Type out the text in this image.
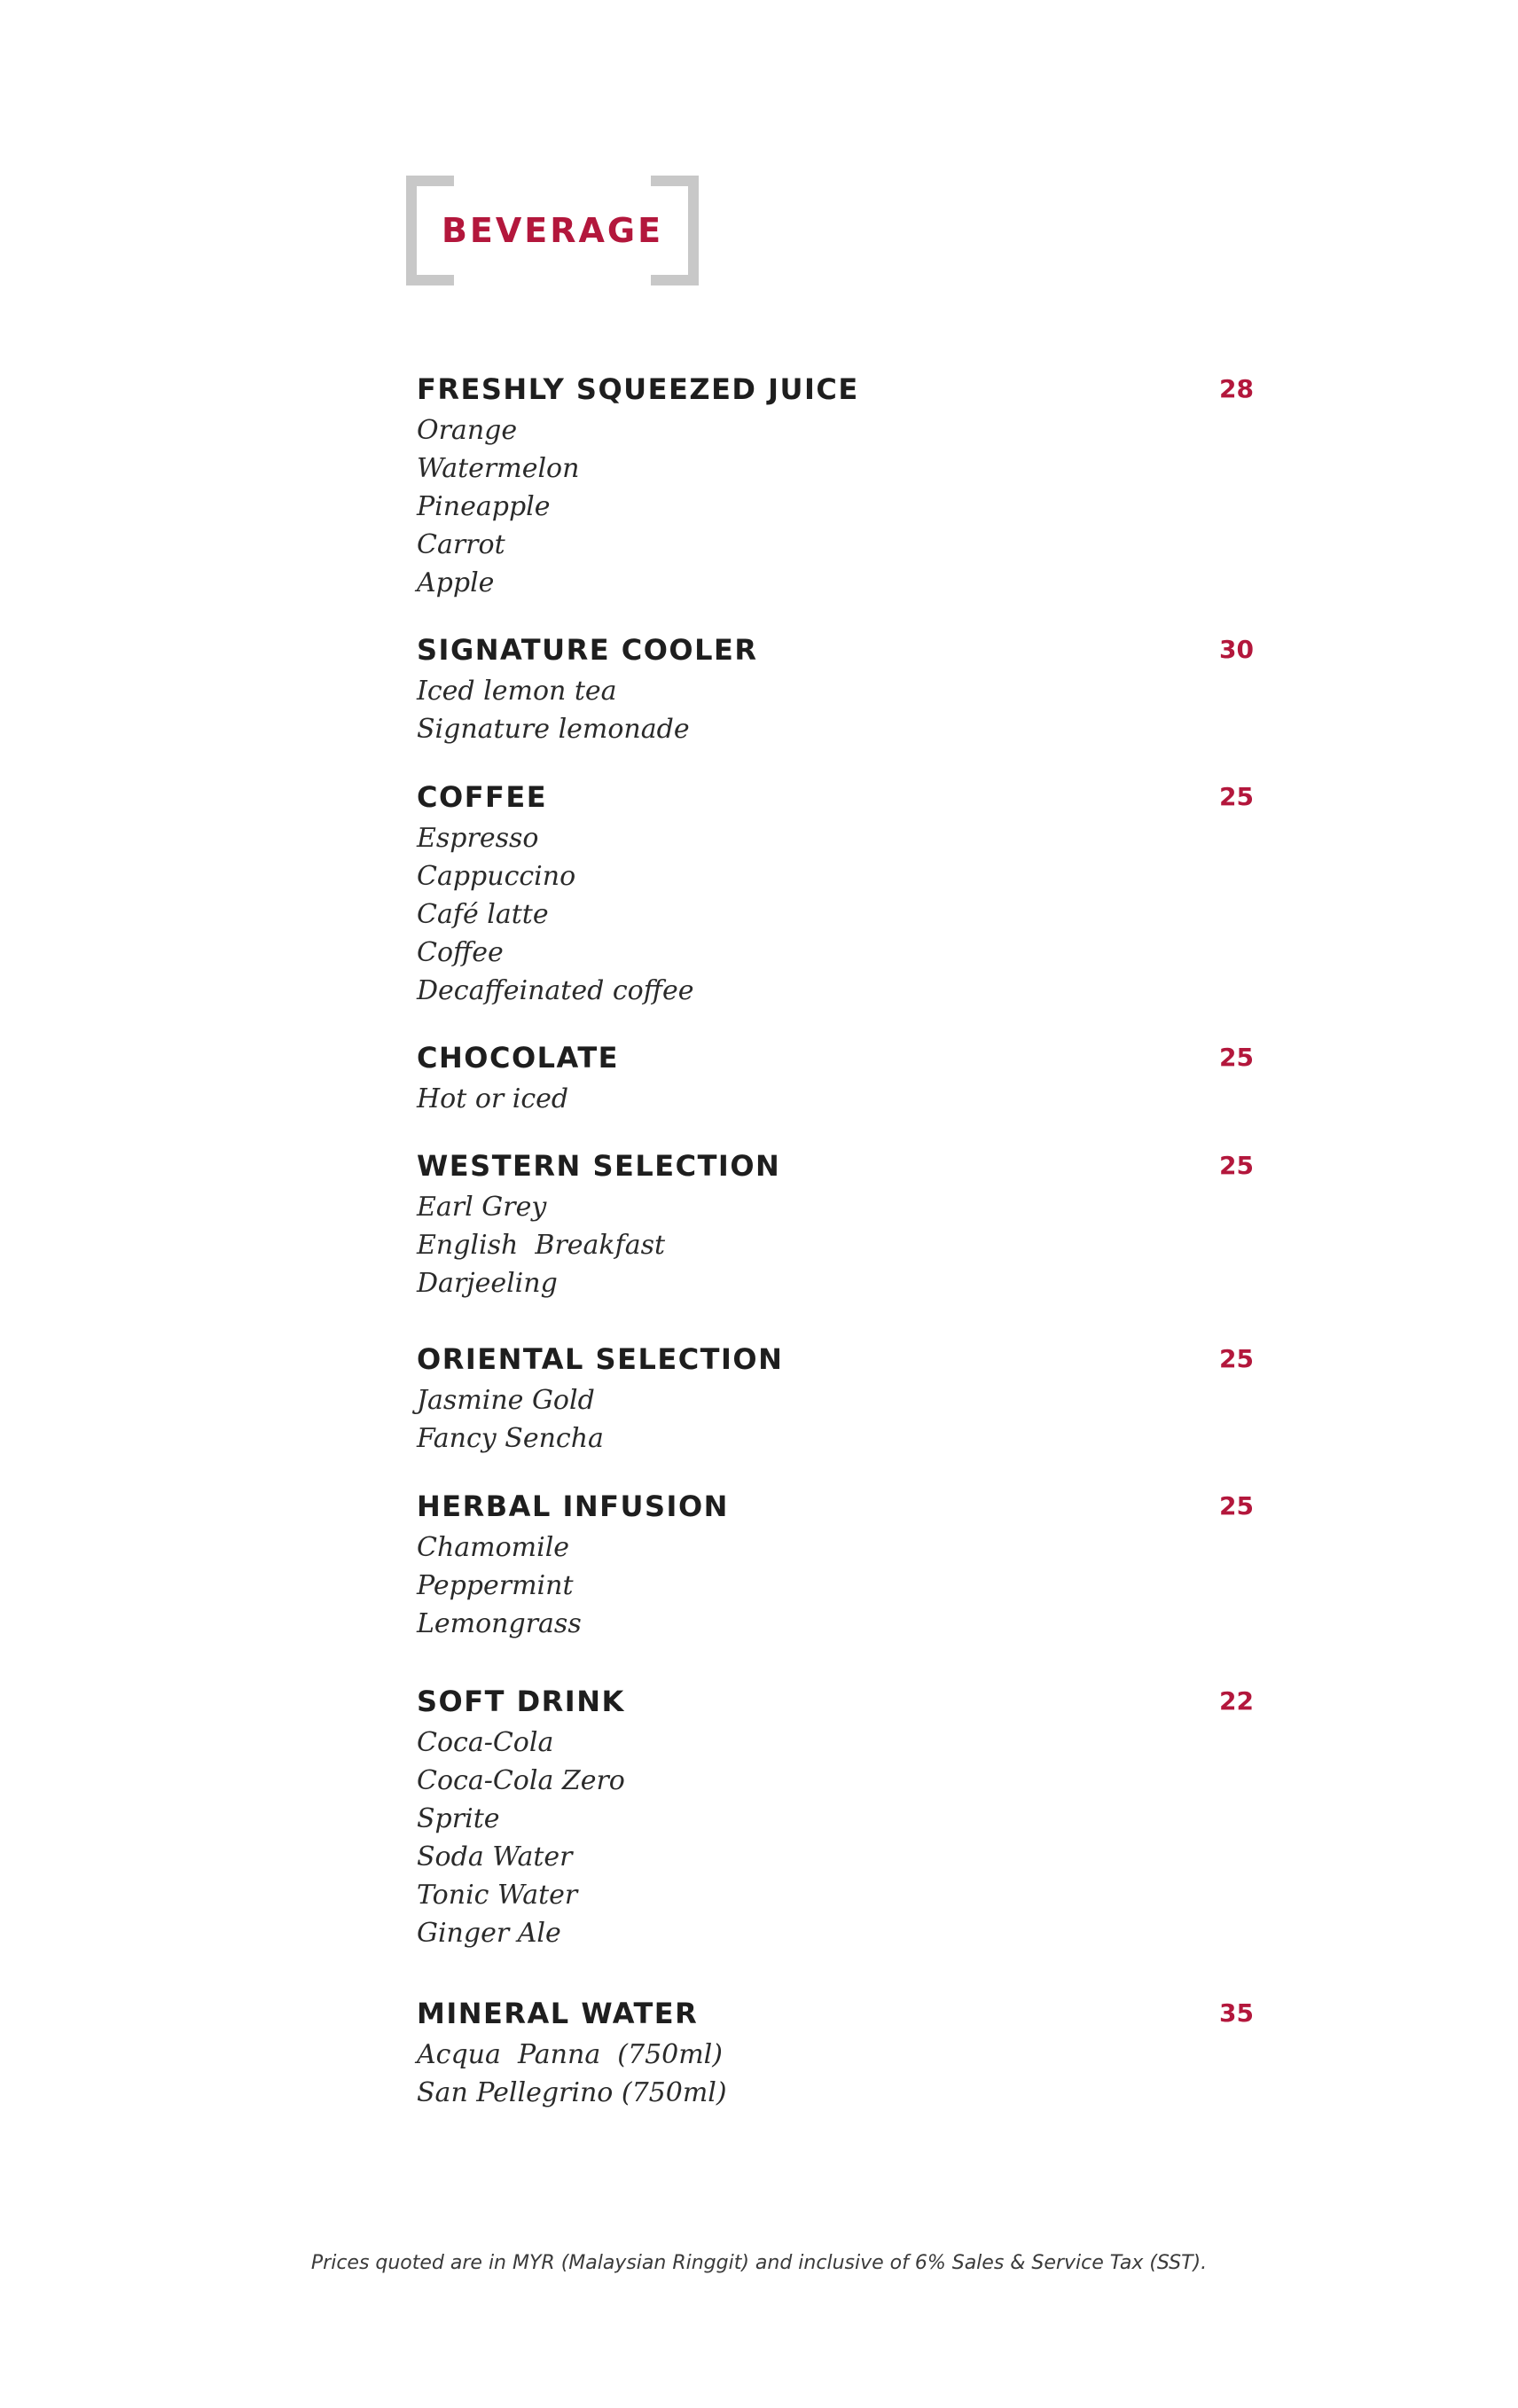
BEVERAGE
FRESHLY SQUEEZED JUICE	28
Orange
Watermelon
Pineapple
Carrot
Apple
SIGNATURE COOLER	30
Iced lemon tea
Signature lemonade
COFFEE	25
Espresso
Cappuccino
Café latte
Coffee
Decaffeinated coffee
CHOCOLATE	25
Hot or iced
WESTERN SELECTION	25
Earl Grey
English  Breakfast
Darjeeling
ORIENTAL SELECTION	25
Jasmine Gold
Fancy Sencha
HERBAL INFUSION	25
Chamomile
Peppermint
Lemongrass
SOFT DRINK	22
Coca-Cola
Coca-Cola Zero
Sprite
Soda Water
Tonic Water
Ginger Ale
MINERAL WATER	35
Acqua  Panna  (750ml)
San Pellegrino (750ml)
Prices quoted are in MYR (Malaysian Ringgit) and inclusive of 6% Sales & Service Tax (SST).
